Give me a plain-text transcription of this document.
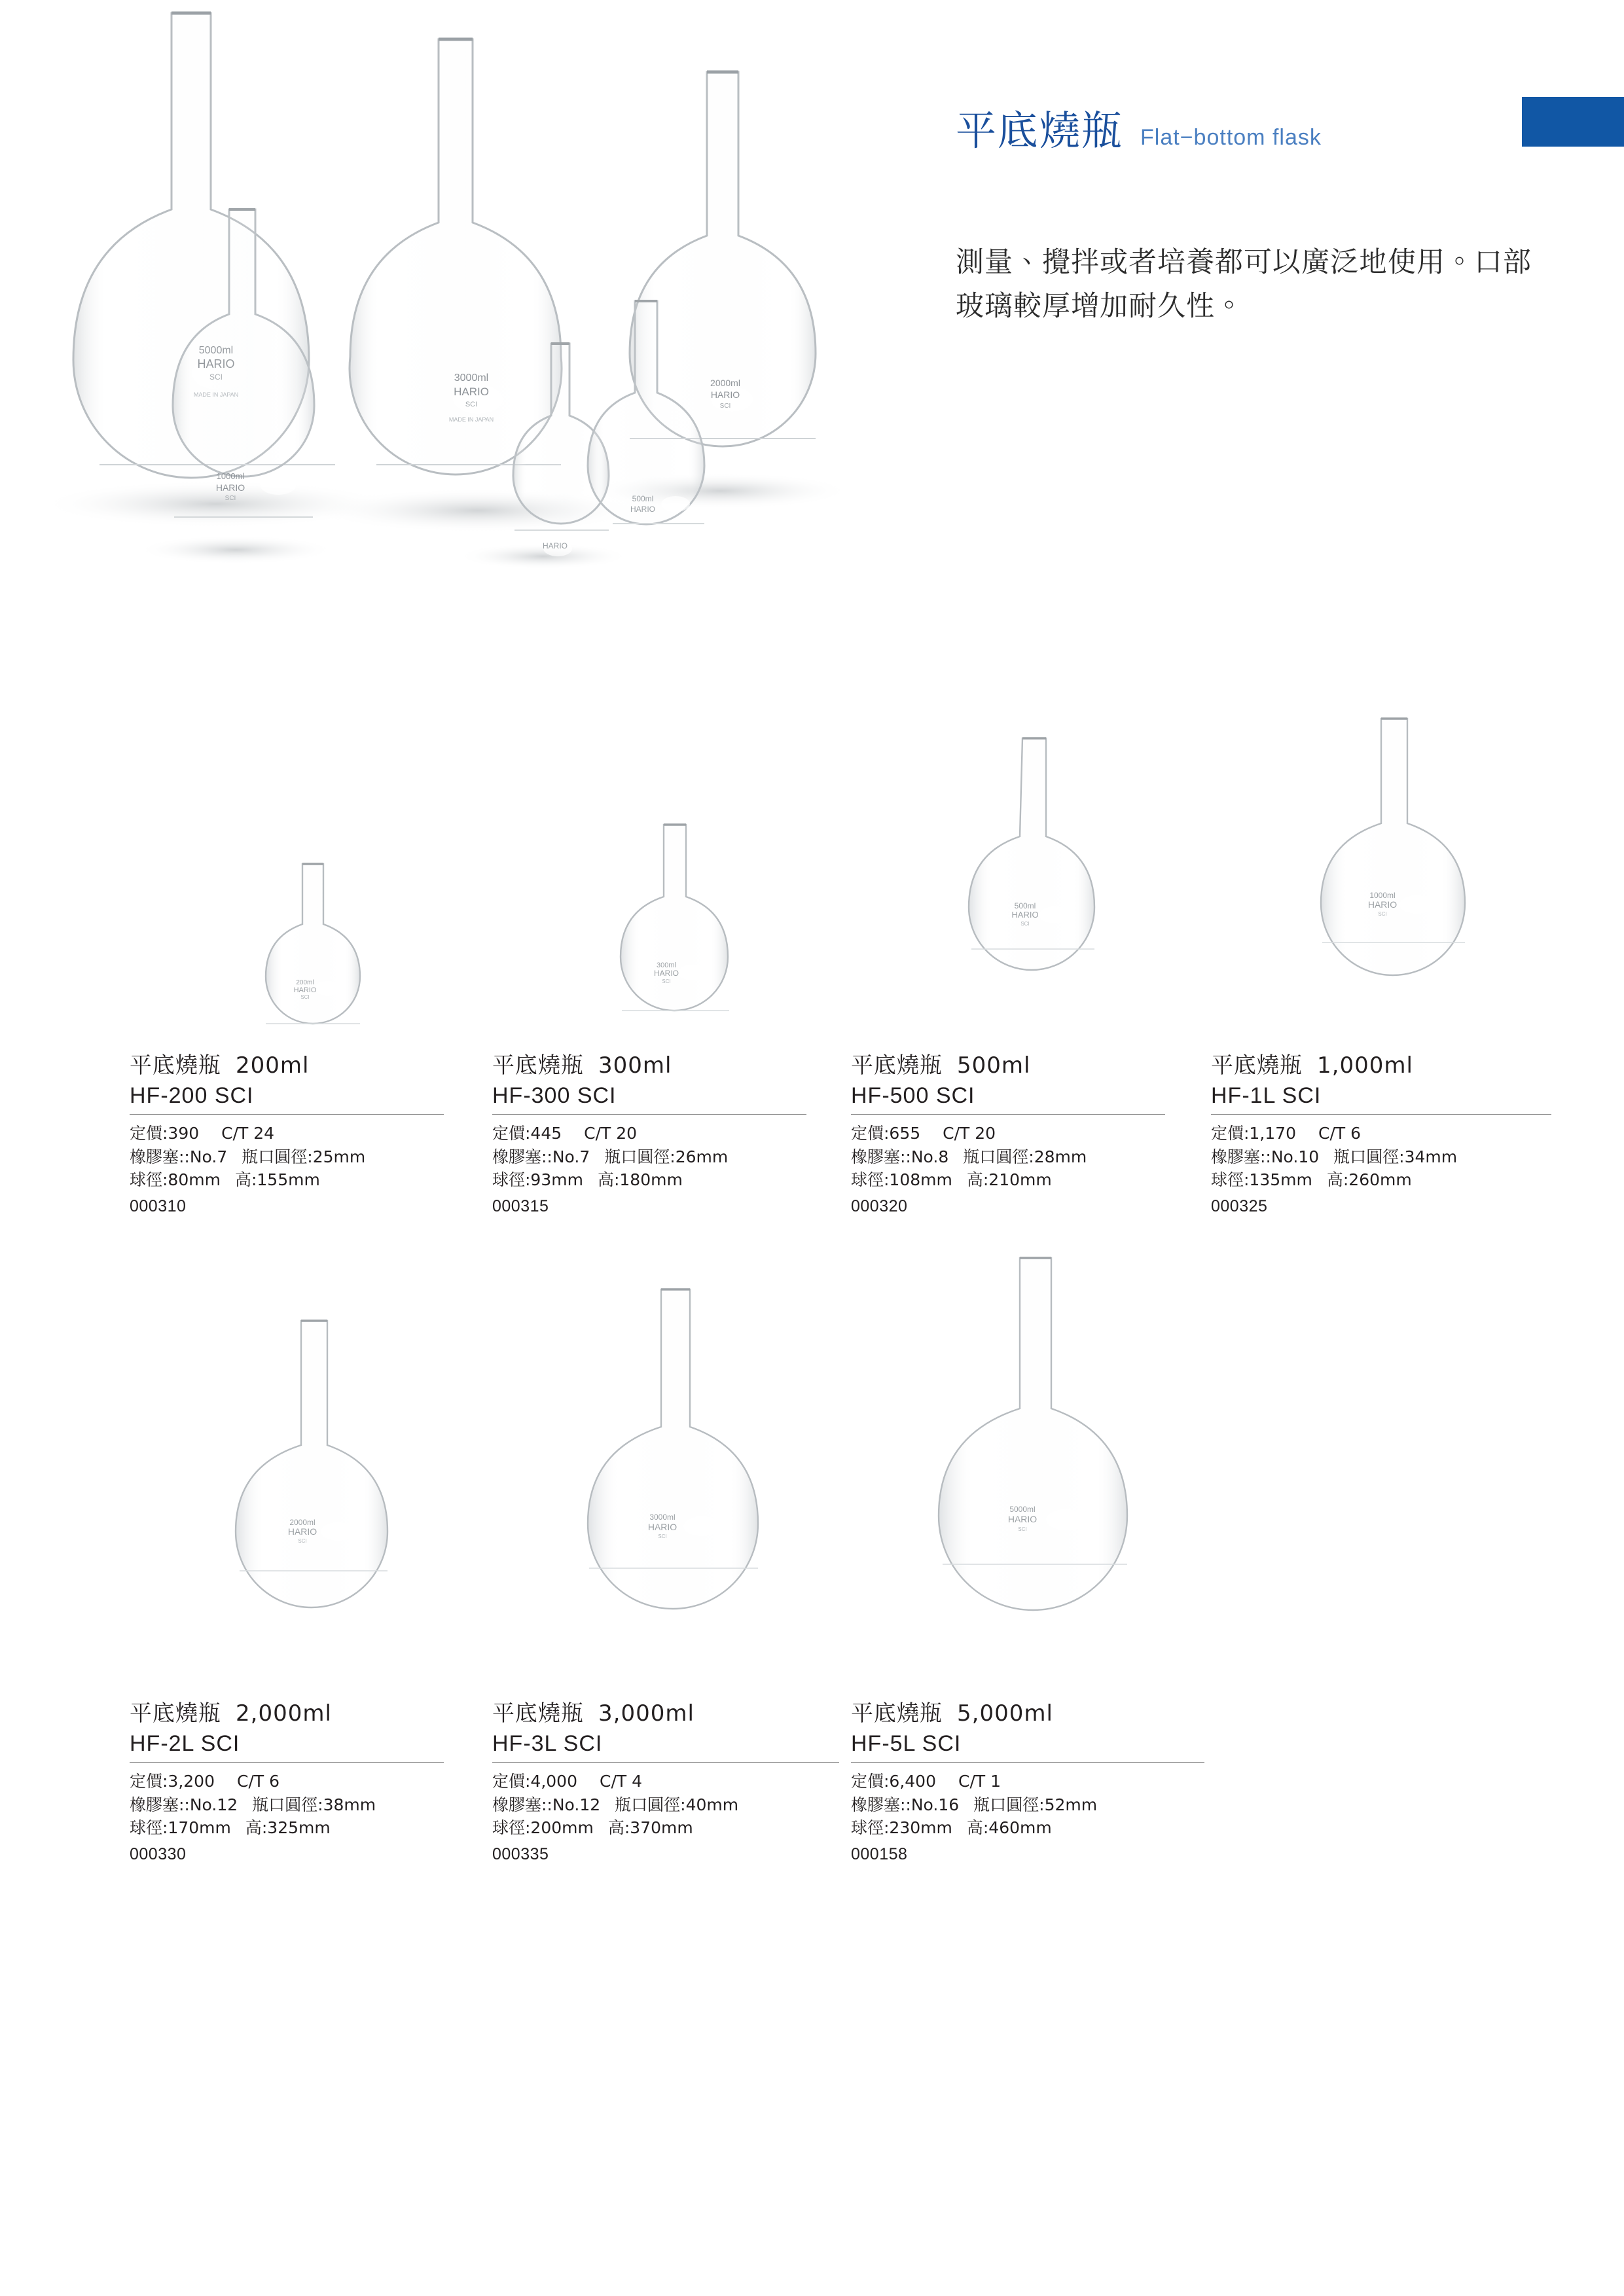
3000ml
HARIO
SCI
MADE IN JAPAN
2000ml
HARIO
SCI
1000ml
HARIO
SCI
HARIO
500ml
HARIO
平底燒瓶 Flat−bottom flask
測量、攪拌或者培養都可以廣泛地使用。口部玻璃較厚增加耐久性。
200ml
HARIO
SCI
平底燒瓶 200ml
HF-200 SCI
定價:390 C/T 24
橡膠塞::No.7 瓶口圓徑:25mm
球徑:80mm 高:155mm
000310
300ml
HARIO
SCI
平底燒瓶 300ml
HF-300 SCI
定價:445 C/T 20
橡膠塞::No.7 瓶口圓徑:26mm
球徑:93mm 高:180mm
000315
500ml
HARIO
SCI
平底燒瓶 500ml
HF-500 SCI
定價:655 C/T 20
橡膠塞::No.8 瓶口圓徑:28mm
球徑:108mm 高:210mm
000320
1000ml
HARIO
SCI
平底燒瓶 1,000ml
HF-1L SCI
定價:1,170 C/T 6
橡膠塞::No.10 瓶口圓徑:34mm
球徑:135mm 高:260mm
000325
2000ml
HARIO
SCI
平底燒瓶 2,000ml
HF-2L SCI
定價:3,200 C/T 6
橡膠塞::No.12 瓶口圓徑:38mm
球徑:170mm 高:325mm
000330
3000ml
HARIO
SCI
平底燒瓶 3,000ml
HF-3L SCI
定價:4,000 C/T 4
橡膠塞::No.12 瓶口圓徑:40mm
球徑:200mm 高:370mm
000335
5000ml
HARIO
SCI
平底燒瓶 5,000ml
HF-5L SCI
定價:6,400 C/T 1
橡膠塞::No.16 瓶口圓徑:52mm
球徑:230mm 高:460mm
000158
